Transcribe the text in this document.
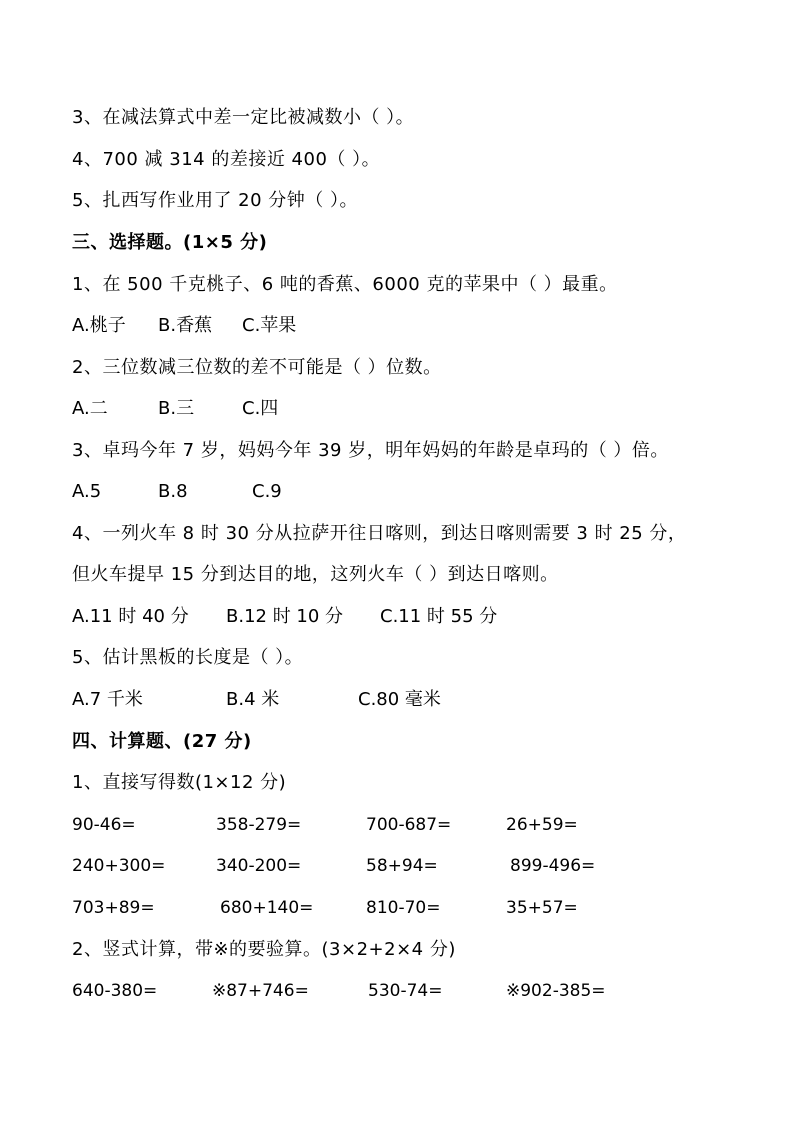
3、在减法算式中差一定比被减数小（ ）。
4、700 减 314 的差接近 400（ ）。
5、扎西写作业用了 20 分钟（ ）。
三、选择题。(1×5 分)
1、在 500 千克桃子、6 吨的香蕉、6000 克的苹果中（ ）最重。
A.桃子 B.香蕉 C.苹果
2、三位数减三位数的差不可能是（ ）位数。
A.二	B.三	C.四
3、卓玛今年 7 岁，妈妈今年 39 岁，明年妈妈的年龄是卓玛的（ ）倍。
A.5	B.8	C.9
4、一列火车 8 时 30 分从拉萨开往日喀则，到达日喀则需要 3 时 25 分，
但火车提早 15 分到达目的地，这列火车（ ）到达日喀则。
A.11 时 40 分 B.12 时 10 分 C.11 时 55 分
5、估计黑板的长度是（ ）。
A.7 千米	B.4 米	C.80 毫米
四、计算题、(27 分)
1、直接写得数(1×12 分)
90-46=	358-279=	700-687=	26+59=
240+300=	340-200=	58+94=	899-496=
703+89=	680+140=	810-70=	35+57=
2、竖式计算，带※的要验算。(3×2+2×4 分)
640-380=	※87+746=	530-74=	※902-385=
